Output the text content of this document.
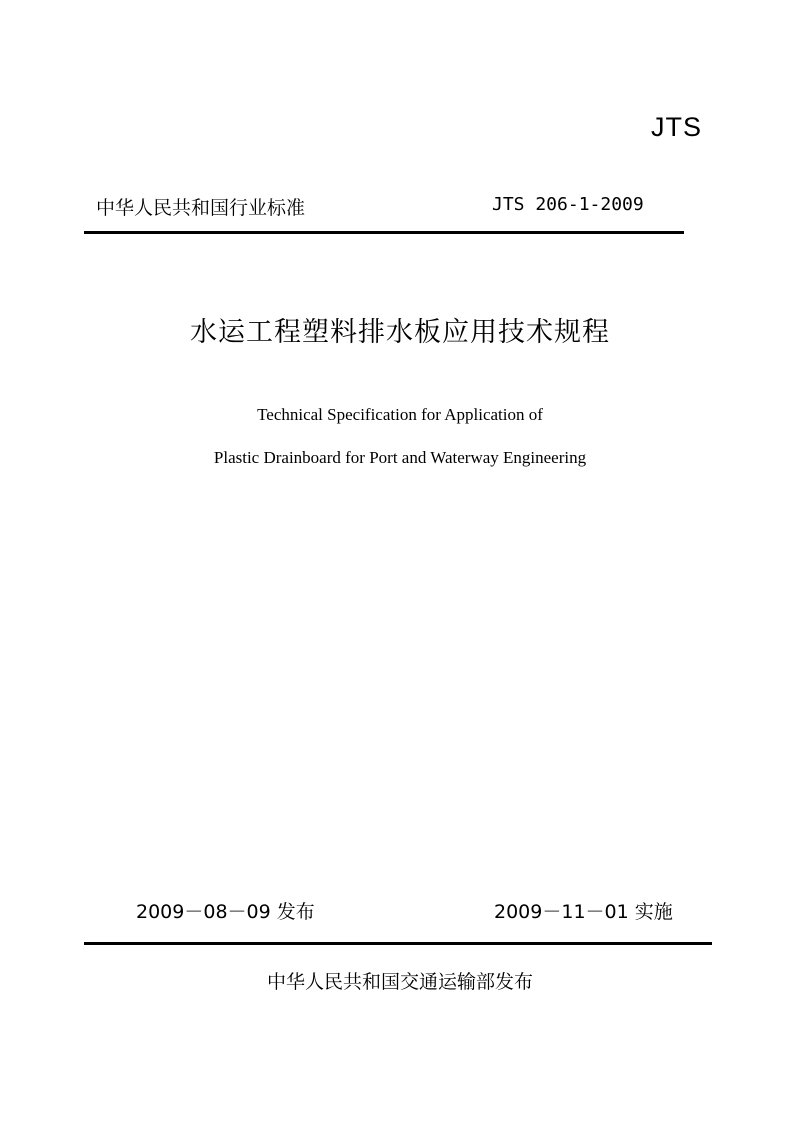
JTS
中华人民共和国行业标准	JTS 206-1-2009
水运工程塑料排水板应用技术规程
Technical Specification for Application of
Plastic Drainboard for Port and Waterway Engineering
2009－08－09 发布	2009－11－01 实施
中华人民共和国交通运输部发布
